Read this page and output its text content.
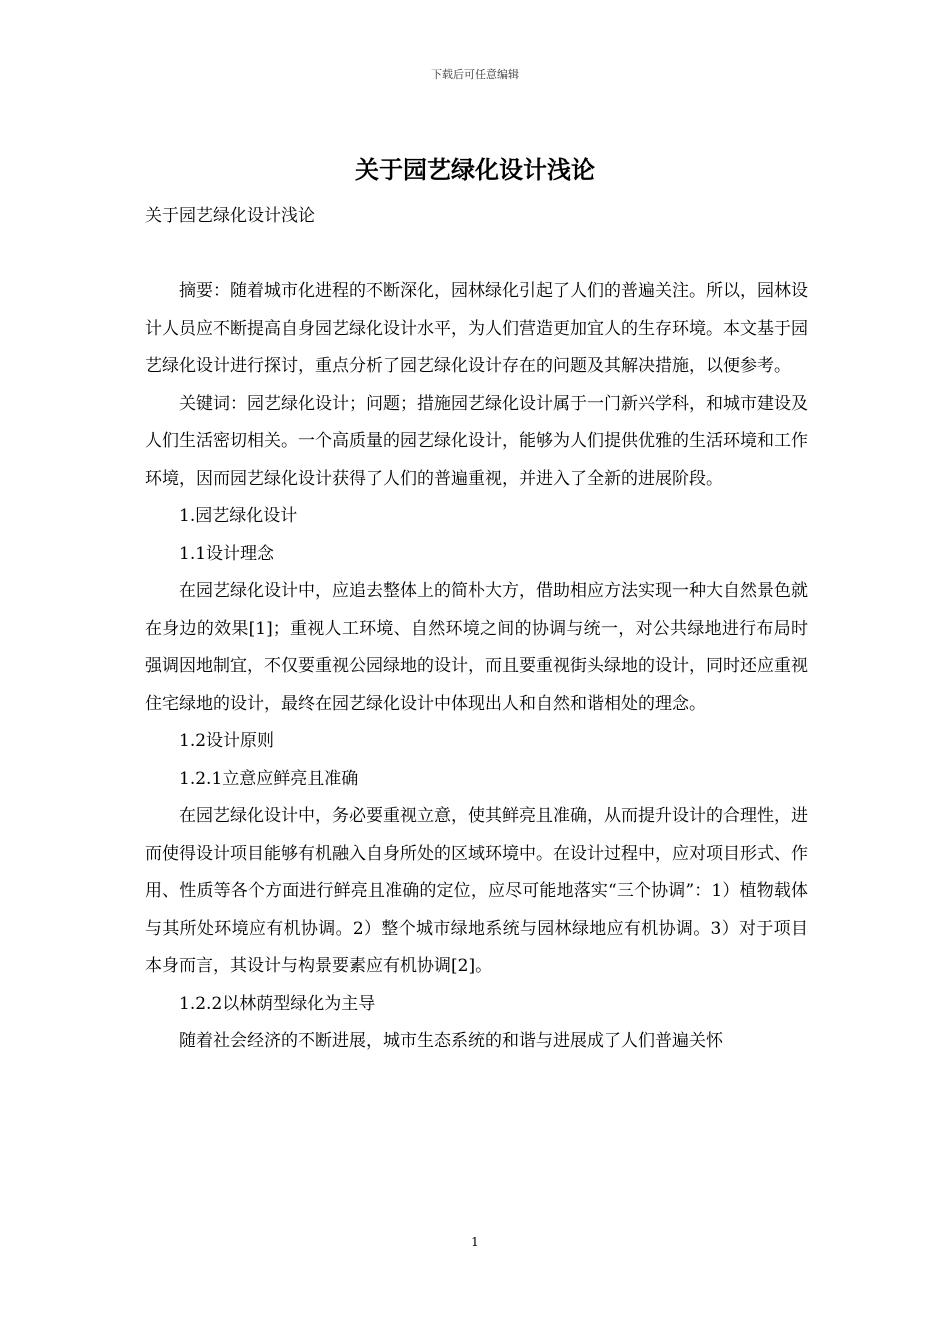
下载后可任意编辑
关于园艺绿化设计浅论

关于园艺绿化设计浅论

摘要：随着城市化进程的不断深化，园林绿化引起了人们的普遍关注。所以，园林设计人员应不断提高自身园艺绿化设计水平，为人们营造更加宜人的生存环境。本文基于园艺绿化设计进行探讨，重点分析了园艺绿化设计存在的问题及其解决措施，以便参考。

关键词：园艺绿化设计；问题；措施园艺绿化设计属于一门新兴学科，和城市建设及人们生活密切相关。一个高质量的园艺绿化设计，能够为人们提供优雅的生活环境和工作环境，因而园艺绿化设计获得了人们的普遍重视，并进入了全新的进展阶段。

1.园艺绿化设计

1.1设计理念

在园艺绿化设计中，应追去整体上的简朴大方，借助相应方法实现一种大自然景色就在身边的效果[1]；重视人工环境、自然环境之间的协调与统一，对公共绿地进行布局时强调因地制宜，不仅要重视公园绿地的设计，而且要重视街头绿地的设计，同时还应重视住宅绿地的设计，最终在园艺绿化设计中体现出人和自然和谐相处的理念。

1.2设计原则

1.2.1立意应鲜亮且准确

在园艺绿化设计中，务必要重视立意，使其鲜亮且准确，从而提升设计的合理性，进而使得设计项目能够有机融入自身所处的区域环境中。在设计过程中，应对项目形式、作用、性质等各个方面进行鲜亮且准确的定位，应尽可能地落实“三个协调”：1）植物载体与其所处环境应有机协调。2）整个城市绿地系统与园林绿地应有机协调。3）对于项目本身而言，其设计与构景要素应有机协调[2]。

1.2.2以林荫型绿化为主导

随着社会经济的不断进展，城市生态系统的和谐与进展成了人们普遍关怀

1
